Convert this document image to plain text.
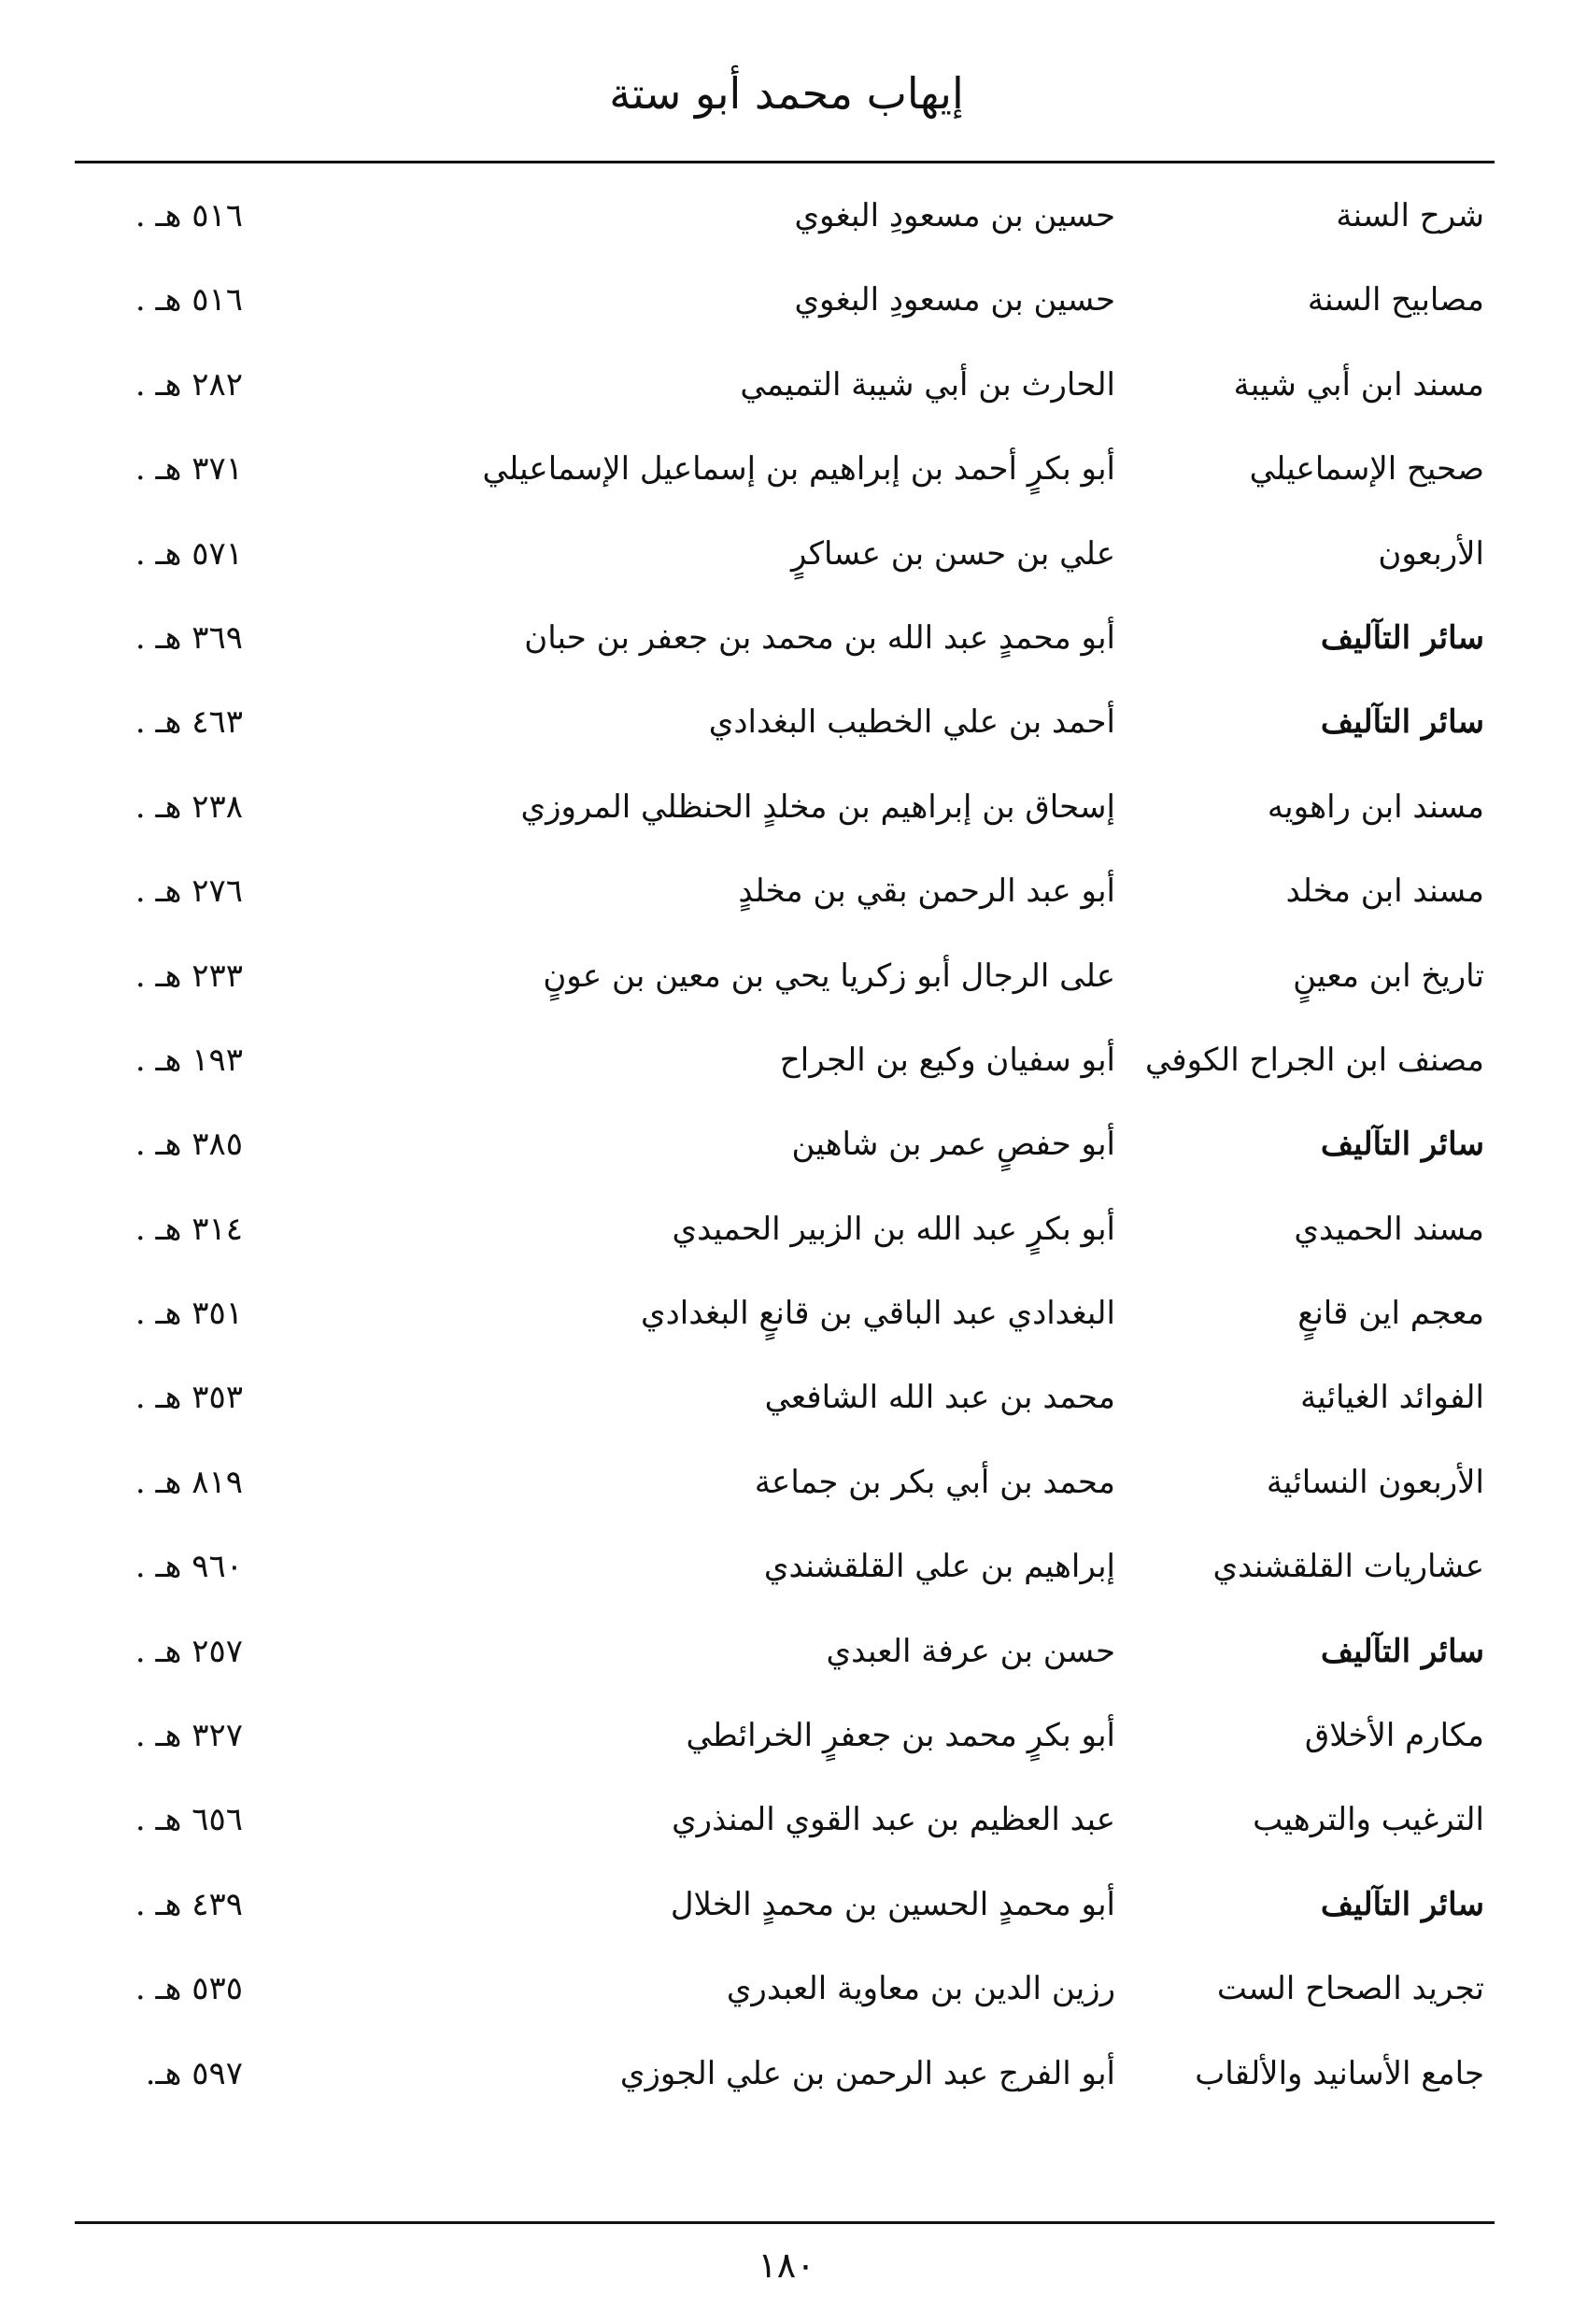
إيهاب محمد أبو ستة
شرح السنة
حسين بن مسعودِ البغوي
٥١٦ هـ .
مصابيح السنة
حسين بن مسعودِ البغوي
٥١٦ هـ .
مسند ابن أبي شيبة
الحارث بن أبي شيبة التميمي
٢٨٢ هـ .
صحيح الإسماعيلي
أبو بكرٍ أحمد بن إبراهيم بن إسماعيل الإسماعيلي
٣٧١ هـ .
الأربعون
علي بن حسن بن عساكرٍ
٥٧١ هـ .
سائر التآليف
أبو محمدٍ عبد الله بن محمد بن جعفر بن حبان
٣٦٩ هـ .
سائر التآليف
أحمد بن علي الخطيب البغدادي
٤٦٣ هـ .
مسند ابن راهويه
إسحاق بن إبراهيم بن مخلدٍ الحنظلي المروزي
٢٣٨ هـ .
مسند ابن مخلد
أبو عبد الرحمن بقي بن مخلدٍ
٢٧٦ هـ .
تاريخ ابن معينٍ
على الرجال أبو زكريا يحي بن معين بن عونٍ
٢٣٣ هـ .
مصنف ابن الجراح الكوفي
أبو سفيان وكيع بن الجراح
١٩٣ هـ .
سائر التآليف
أبو حفصٍ عمر بن شاهين
٣٨٥ هـ .
مسند الحميدي
أبو بكرٍ عبد الله بن الزبير الحميدي
٣١٤ هـ .
معجم اين قانعٍ
البغدادي عبد الباقي بن قانعٍ البغدادي
٣٥١ هـ .
الفوائد الغيائية
محمد بن عبد الله الشافعي
٣٥٣ هـ .
الأربعون النسائية
محمد بن أبي بكر بن جماعة
٨١٩ هـ .
عشاريات القلقشندي
إبراهيم بن علي القلقشندي
٩٦٠ هـ .
سائر التآليف
حسن بن عرفة العبدي
٢٥٧ هـ .
مكارم الأخلاق
أبو بكرٍ محمد بن جعفرٍ الخرائطي
٣٢٧ هـ .
الترغيب والترهيب
عبد العظيم بن عبد القوي المنذري
٦٥٦ هـ .
سائر التآليف
أبو محمدٍ الحسين بن محمدٍ الخلال
٤٣٩ هـ .
تجريد الصحاح الست
رزين الدين بن معاوية العبدري
٥٣٥ هـ .
جامع الأسانيد والألقاب
أبو الفرج عبد الرحمن بن علي الجوزي
٥٩٧ هـ.
١٨٠
